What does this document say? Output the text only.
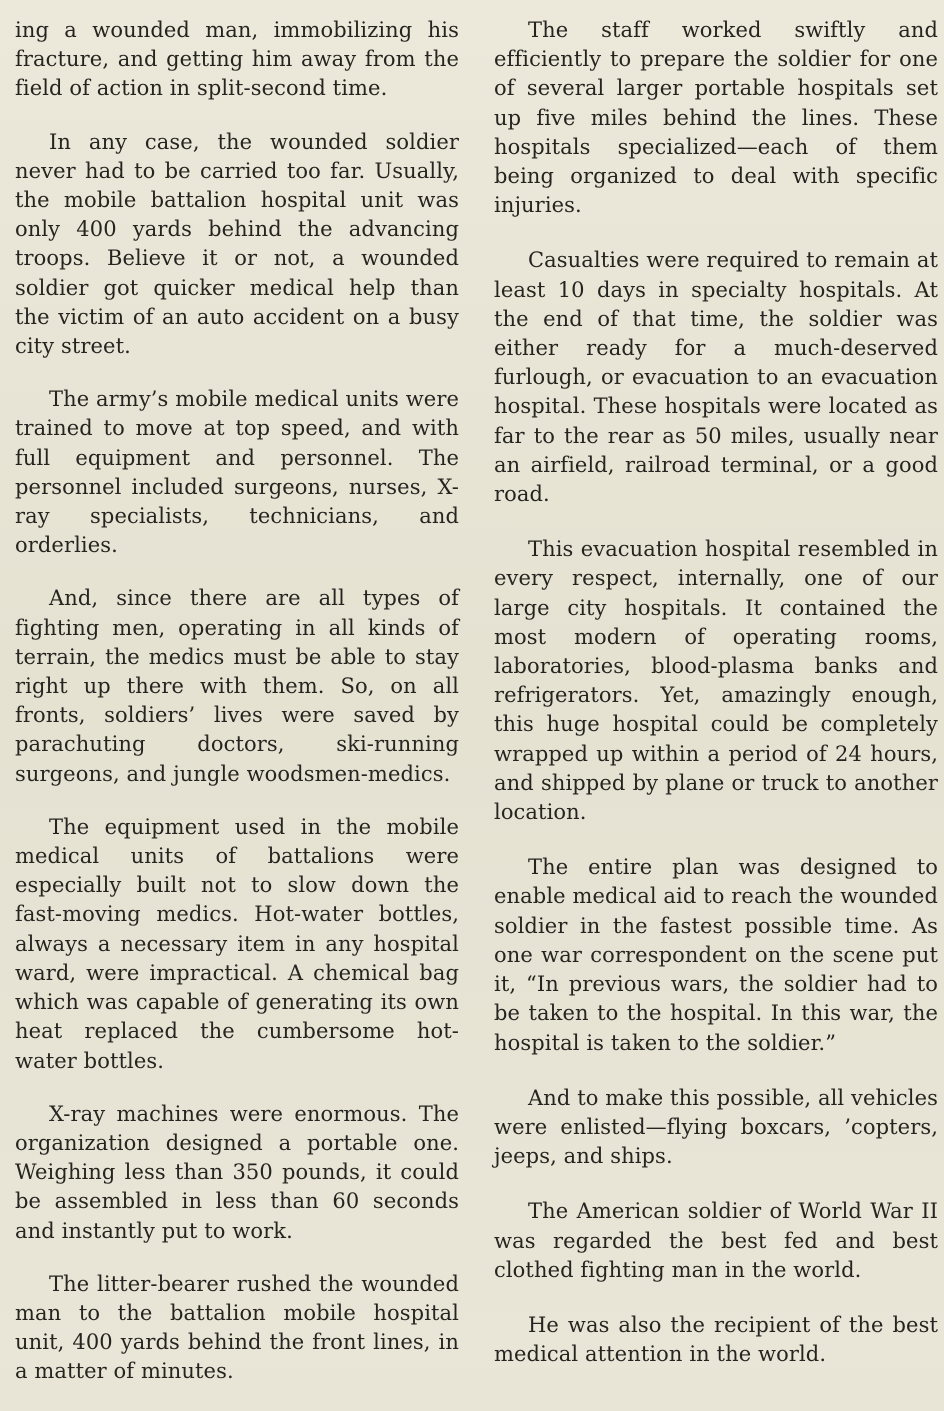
ing a wounded man, immobilizing his fracture, and getting him away from the field of action in split-second time.

In any case, the wounded soldier never had to be carried too far. Usually, the mobile battalion hospital unit was only 400 yards behind the advancing troops. Believe it or not, a wounded soldier got quicker medical help than the victim of an auto accident on a busy city street.

The army’s mobile medical units were trained to move at top speed, and with full equipment and personnel. The personnel included surgeons, nurses, X-ray specialists, technicians, and orderlies.

And, since there are all types of fighting men, operating in all kinds of terrain, the medics must be able to stay right up there with them. So, on all fronts, soldiers’ lives were saved by parachuting doctors, ski-running surgeons, and jungle woodsmen-medics.

The equipment used in the mobile medical units of battalions were especially built not to slow down the fast-moving medics. Hot-water bottles, always a necessary item in any hospital ward, were impractical. A chemical bag which was capable of generating its own heat replaced the cumbersome hot-water bottles.

X-ray machines were enormous. The organization designed a portable one. Weighing less than 350 pounds, it could be assembled in less than 60 seconds and instantly put to work.

The litter-bearer rushed the wounded man to the battalion mobile hospital unit, 400 yards behind the front lines, in a matter of minutes.

The staff worked swiftly and efficiently to prepare the soldier for one of several larger portable hospitals set up five miles behind the lines. These hospitals specialized—each of them being organized to deal with specific injuries.

Casualties were required to remain at least 10 days in specialty hospitals. At the end of that time, the soldier was either ready for a much-deserved furlough, or evacuation to an evacuation hospital. These hospitals were located as far to the rear as 50 miles, usually near an airfield, railroad terminal, or a good road.

This evacuation hospital resembled in every respect, internally, one of our large city hospitals. It contained the most modern of operating rooms, laboratories, blood-plasma banks and refrigerators. Yet, amazingly enough, this huge hospital could be completely wrapped up within a period of 24 hours, and shipped by plane or truck to another location.

The entire plan was designed to enable medical aid to reach the wounded soldier in the fastest possible time. As one war correspondent on the scene put it, “In previous wars, the soldier had to be taken to the hospital. In this war, the hospital is taken to the soldier.”

And to make this possible, all vehicles were enlisted—flying boxcars, ’copters, jeeps, and ships.

The American soldier of World War II was regarded the best fed and best clothed fighting man in the world.

He was also the recipient of the best medical attention in the world.
